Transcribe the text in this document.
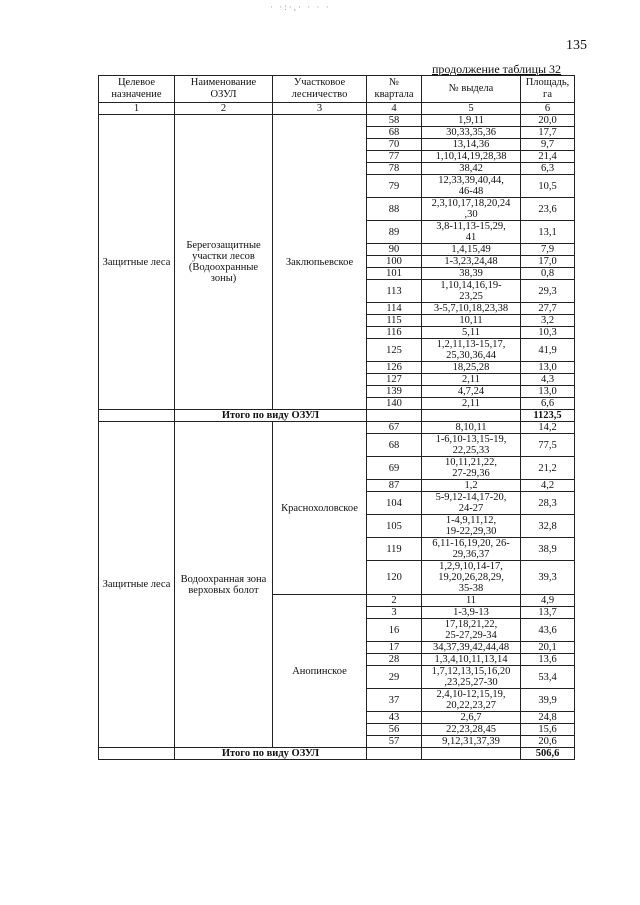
· ·:·,· · · ·
135
продолжение таблицы 32
Целевое назначение	Наименование ОЗУЛ	Участковое лесничество	№ квартала	№ выдела	Площадь, га
1	2	3	4	5	6
Защитные леса	Берегозащитные участки лесов (Водоохранные зоны)	Заклюпьевское	58	1,9,11	20,0
			68	30,33,35,36	17,7
			70	13,14,36	9,7
			77	1,10,14,19,28,38	21,4
			78	38,42	6,3
			79	12,33,39,40,44,
46-48	10,5
			88	2,3,10,17,18,20,24
,30	23,6
			89	3,8-11,13-15,29,
41	13,1
			90	1,4,15,49	7,9
			100	1-3,23,24,48	17,0
			101	38,39	0,8
			113	1,10,14,16,19-
23,25	29,3
			114	3-5,7,10,18,23,38	27,7
			115	10,11	3,2
			116	5,11	10,3
			125	1,2,11,13-15,17,
25,30,36,44	41,9
			126	18,25,28	13,0
			127	2,11	4,3
			139	4,7,24	13,0
			140	2,11	6,6
	Итого по виду ОЗУЛ				1123,5
Защитные леса	Водоохранная зона верховых болот	Краснохоловское	67	8,10,11	14,2
			68	1-6,10-13,15-19,
22,25,33	77,5
			69	10,11,21,22,
27-29,36	21,2
			87	1,2	4,2
			104	5-9,12-14,17-20,
24-27	28,3
			105	1-4,9,11,12,
19-22,29,30	32,8
			119	6,11-16,19,20, 26-
29,36,37	38,9
			120	1,2,9,10,14-17,
19,20,26,28,29,
35-38	39,3
		Анопинское	2	11	4,9
			3	1-3,9-13	13,7
			16	17,18,21,22,
25-27,29-34	43,6
			17	34,37,39,42,44,48	20,1
			28	1,3,4,10,11,13,14	13,6
			29	1,7,12,13,15,16,20
,23,25,27-30	53,4
			37	2,4,10-12,15,19,
20,22,23,27	39,9
			43	2,6,7	24,8
			56	22,23,28,45	15,6
			57	9,12,31,37,39	20,6
	Итого по виду ОЗУЛ				506,6
